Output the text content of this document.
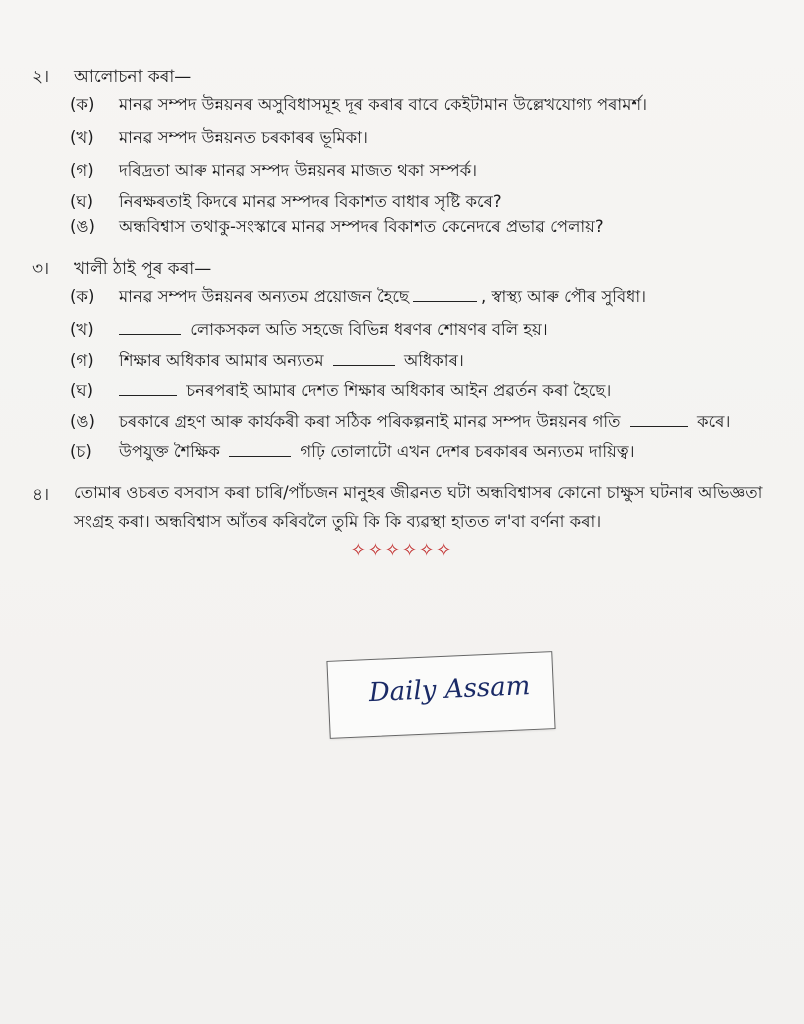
২। আলোচনা কৰা—
(ক) মানৱ সম্পদ উন্নয়নৰ অসুবিধাসমূহ দূৰ কৰাৰ বাবে কেইটামান উল্লেখযোগ্য পৰামৰ্শ।
(খ) মানৱ সম্পদ উন্নয়নত চৰকাৰৰ ভূমিকা।
(গ) দৰিদ্ৰতা আৰু মানৱ সম্পদ উন্নয়নৰ মাজত থকা সম্পৰ্ক।
(ঘ) নিৰক্ষৰতাই কিদৰে মানৱ সম্পদৰ বিকাশত বাধাৰ সৃষ্টি কৰে?
(ঙ) অন্ধবিশ্বাস তথাকু-সংস্কাৰে মানৱ সম্পদৰ বিকাশত কেনেদৰে প্ৰভাৱ পেলায়?
৩। খালী ঠাই পূৰ কৰা—
(ক) মানৱ সম্পদ উন্নয়নৰ অন্যতম প্ৰয়োজন হৈছে	, স্বাস্থ্য আৰু পৌৰ সুবিধা।
(খ)	লোকসকল অতি সহজে বিভিন্ন ধৰণৰ শোষণৰ বলি হয়।
(গ) শিক্ষাৰ অধিকাৰ আমাৰ অন্যতম	অধিকাৰ।
(ঘ)	চনৰপৰাই আমাৰ দেশত শিক্ষাৰ অধিকাৰ আইন প্ৰৱৰ্তন কৰা হৈছে।
(ঙ) চৰকাৰে গ্ৰহণ আৰু কাৰ্যকৰী কৰা সঠিক পৰিকল্পনাই মানৱ সম্পদ উন্নয়নৰ গতি	কৰে।
(চ) উপযুক্ত শৈক্ষিক	গঢ়ি তোলাটো এখন দেশৰ চৰকাৰৰ অন্যতম দায়িত্ব।
৪। তোমাৰ ওচৰত বসবাস কৰা চাৰি/পাঁচজন মানুহৰ জীৱনত ঘটা অন্ধবিশ্বাসৰ কোনো চাক্ষুস ঘটনাৰ অভিজ্ঞতা
সংগ্ৰহ কৰা। অন্ধবিশ্বাস আঁতৰ কৰিবলৈ তুমি কি কি ব্যৱস্থা হাতত ল'বা বৰ্ণনা কৰা।
✧✧✧✧✧✧
Daily Assam
